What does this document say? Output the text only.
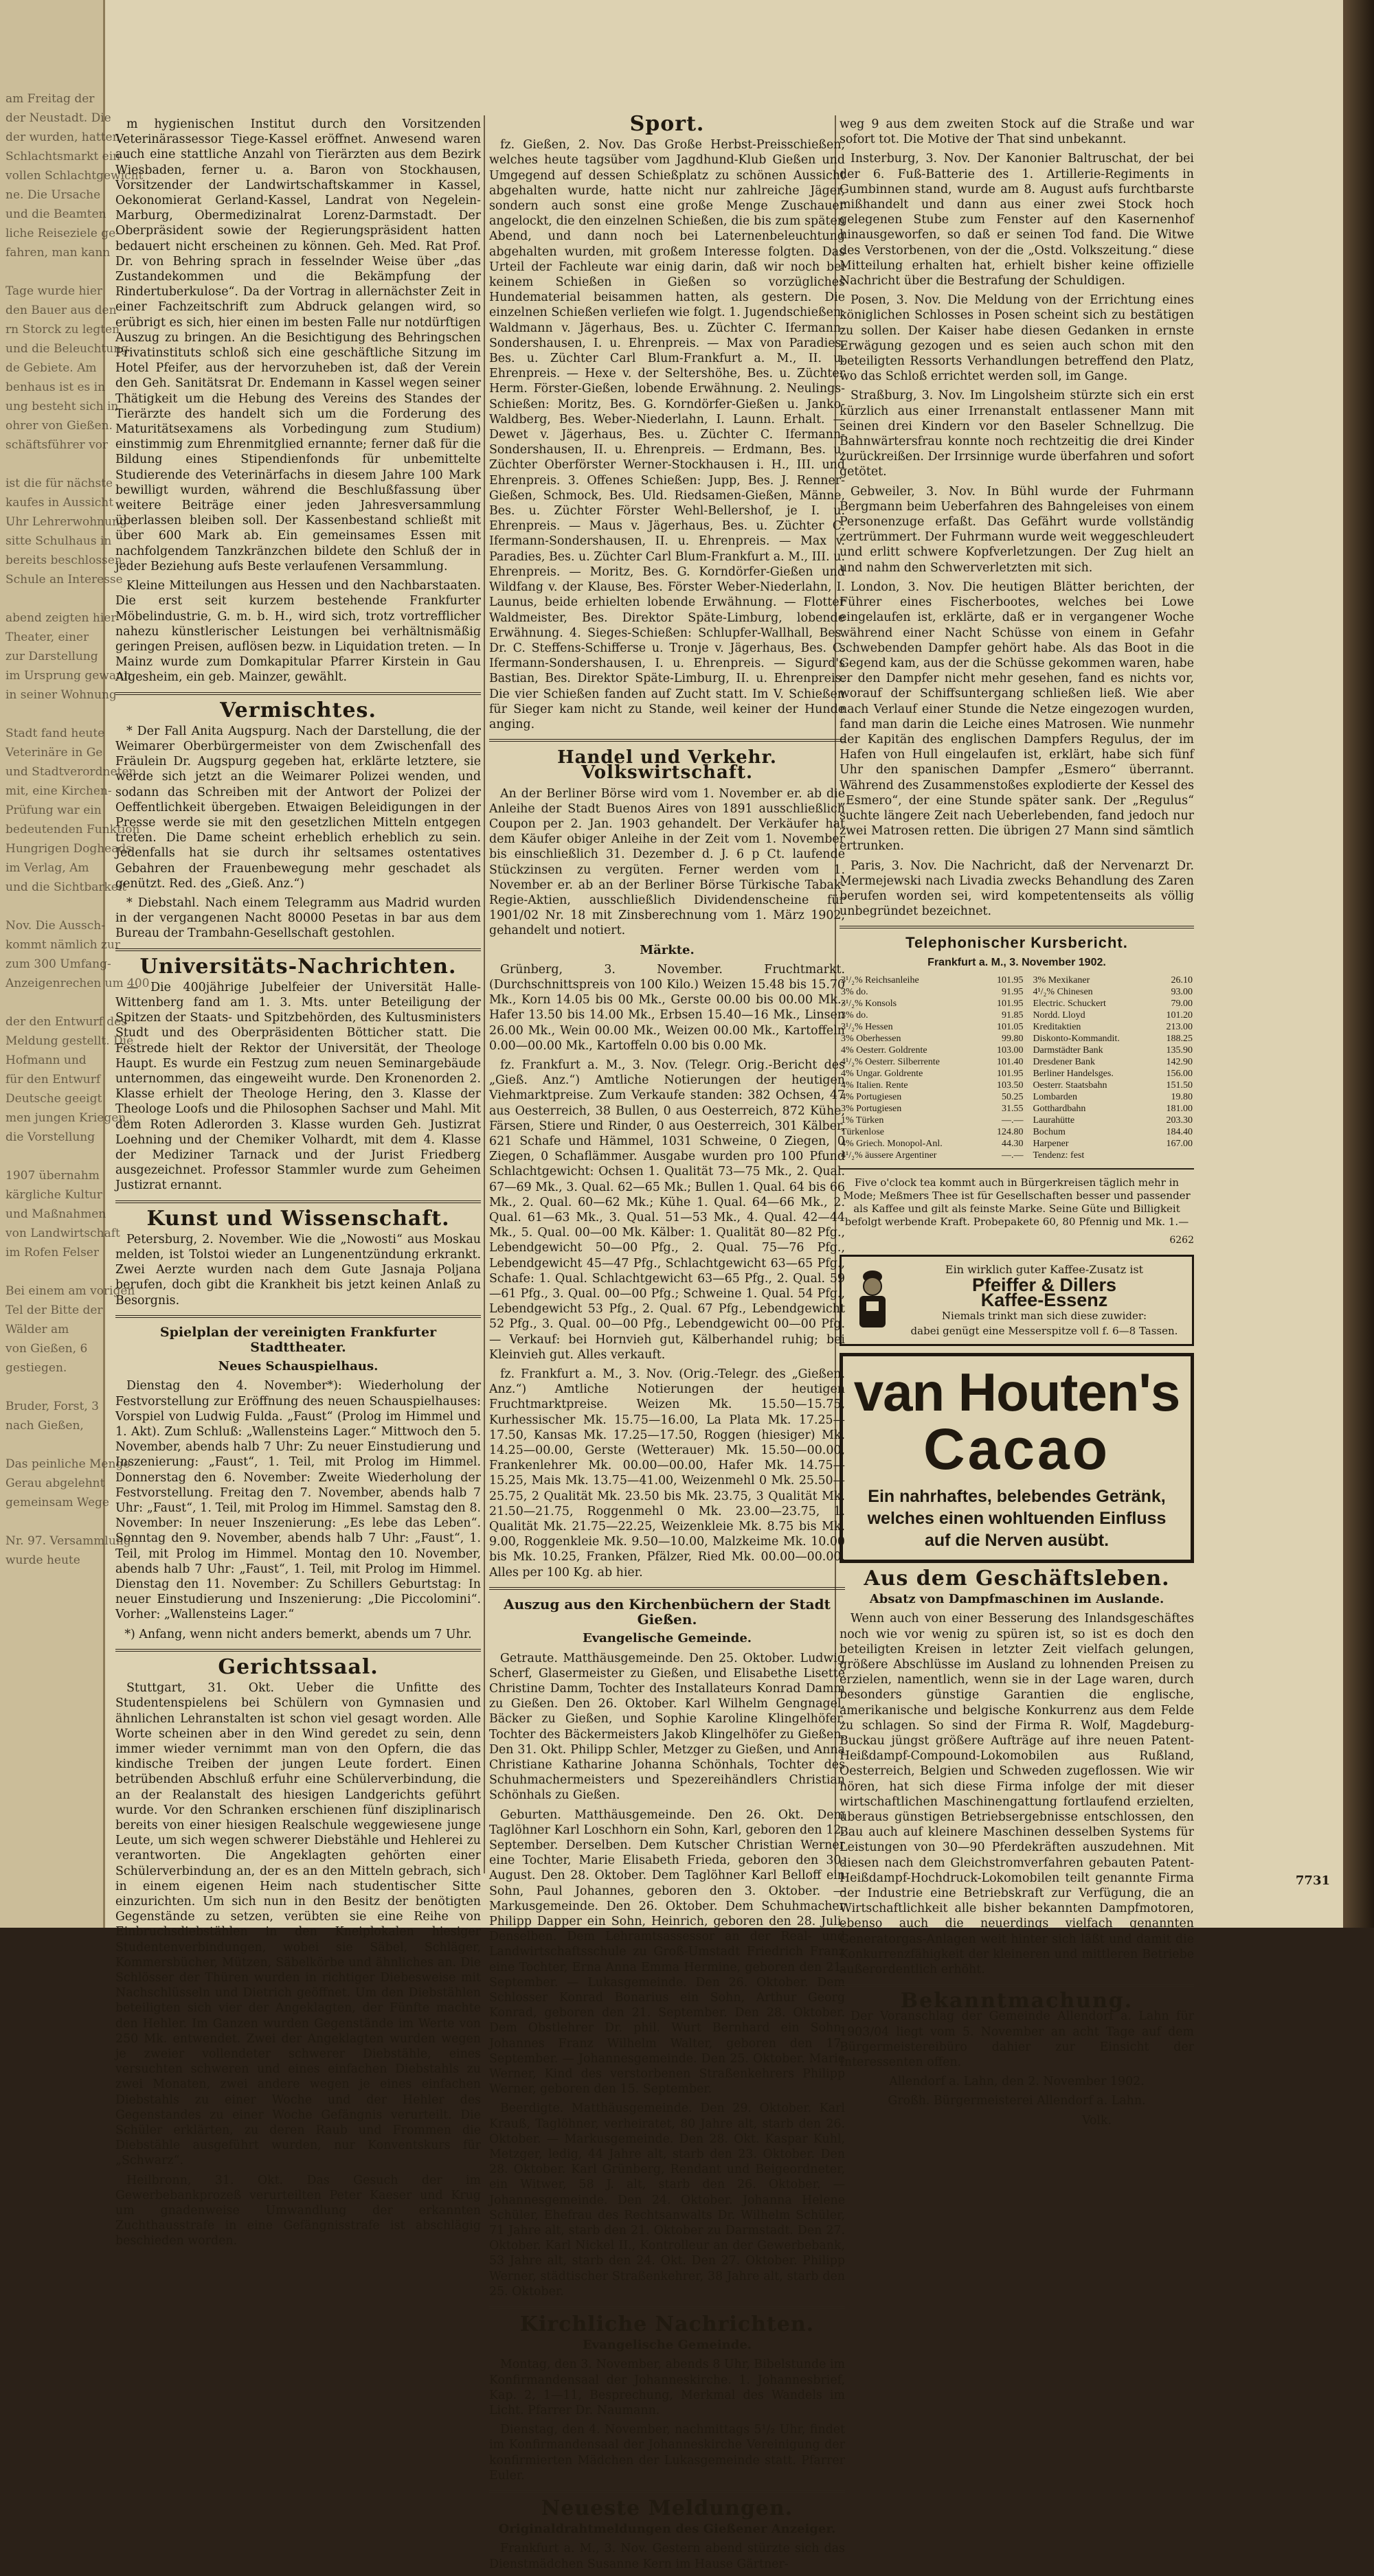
am Freitag der
der Neustadt. Die
der wurden, hatten
Schlachtsmarkt ein
vollen Schlachtgewicht
ne. Die Ursache
und die Beamten
liche Reiseziele ge-
fahren, man kann

Tage wurde hier
den Bauer aus den
rn Storck zu legten
und die Beleuchtung
de Gebiete. Am
benhaus ist es in
ung besteht sich in
ohrer von Gießen.
schäftsführer vor

ist die für nächste
kaufes in Aussicht
Uhr Lehrerwohnung
sitte Schulhaus in
bereits beschlossen.
Schule an Interesse

abend zeigten hier
Theater, einer
zur Darstellung
im Ursprung gewann
in seiner Wohnung

Stadt fand heute
Veterinäre in Ge
und Stadtverordneten
mit, eine Kirchen-
Prüfung war ein
bedeutenden Funktion
Hungrigen Dogheads
im Verlag, Am
und die Sichtbarkeit

Nov. Die Aussch-
kommt nämlich zur
zum 300 Umfang-
Anzeigenrechen um 400

der den Entwurf des
Meldung gestellt. Die
Hofmann und
für den Entwurf
Deutsche geeigt
men jungen Kriegen,
die Vorstellung

1907 übernahm
kärgliche Kultur
und Maßnahmen
von Landwirtschaft
im Rofen Felser

Bei einem am vorigen
Tel der Bitte der
Wälder am
von Gießen, 6
gestiegen.

Bruder, Forst, 3
nach Gießen,

Das peinliche Menge
Gerau abgelehnt
gemeinsam Wege

Nr. 97. Versammlung
wurde heute

m hygienischen Institut durch den Vorsitzenden Veterinärassessor Tiege-Kassel eröffnet. Anwesend waren auch eine stattliche Anzahl von Tierärzten aus dem Bezirk Wiesbaden, ferner u. a. Baron von Stockhausen, Vorsitzender der Landwirtschaftskammer in Kassel, Oekonomierat Gerland-Kassel, Landrat von Negelein-Marburg, Obermedizinalrat Lorenz-Darmstadt. Der Oberpräsident sowie der Regierungspräsident hatten bedauert nicht erscheinen zu können. Geh. Med. Rat Prof. Dr. von Behring sprach in fesselnder Weise über „das Zustandekommen und die Bekämpfung der Rindertuberkulose“. Da der Vortrag in allernächster Zeit in einer Fachzeitschrift zum Abdruck gelangen wird, so erübrigt es sich, hier einen im besten Falle nur notdürftigen Auszug zu bringen. An die Besichtigung des Behringschen Privatinstituts schloß sich eine geschäftliche Sitzung im Hotel Pfeifer, aus der hervorzuheben ist, daß der Verein den Geh. Sanitätsrat Dr. Endemann in Kassel wegen seiner Thätigkeit um die Hebung des Vereins des Standes der Tierärzte des handelt sich um die Forderung des Maturitätsexamens als Vorbedingung zum Studium) einstimmig zum Ehrenmitglied ernannte; ferner daß für die Bildung eines Stipendienfonds für unbemittelte Studierende des Veterinärfachs in diesem Jahre 100 Mark bewilligt wurden, während die Beschlußfassung über weitere Beiträge einer jeden Jahresversammlung überlassen bleiben soll. Der Kassenbestand schließt mit über 600 Mark ab. Ein gemeinsames Essen mit nachfolgendem Tanzkränzchen bildete den Schluß der in jeder Beziehung aufs Beste verlaufenen Versammlung.

Kleine Mitteilungen aus Hessen und den Nachbarstaaten. Die erst seit kurzem bestehende Frankfurter Möbelindustrie, G. m. b. H., wird sich, trotz vortrefflicher nahezu künstlerischer Leistungen bei verhältnismäßig geringen Preisen, auflösen bezw. in Liquidation treten. — In Mainz wurde zum Domkapitular Pfarrer Kirstein in Gau Algesheim, ein geb. Mainzer, gewählt.

Vermischtes.

* Der Fall Anita Augspurg. Nach der Darstellung, die der Weimarer Oberbürgermeister von dem Zwischenfall des Fräulein Dr. Augspurg gegeben hat, erklärte letztere, sie werde sich jetzt an die Weimarer Polizei wenden, und sodann das Schreiben mit der Antwort der Polizei der Oeffentlichkeit übergeben. Etwaigen Beleidigungen in der Presse werde sie mit den gesetzlichen Mitteln entgegen treten. Die Dame scheint erheblich erheblich zu sein. Jedenfalls hat sie durch ihr seltsames ostentatives Gebahren der Frauenbewegung mehr geschadet als genützt. Red. des „Gieß. Anz.“)

* Diebstahl. Nach einem Telegramm aus Madrid wurden in der vergangenen Nacht 80000 Pesetas in bar aus dem Bureau der Trambahn-Gesellschaft gestohlen.

Universitäts-Nachrichten.

— Die 400jährige Jubelfeier der Universität Halle-Wittenberg fand am 1. 3. Mts. unter Beteiligung der Spitzen der Staats- und Spitzbehörden, des Kultusministers Studt und des Oberpräsidenten Bötticher statt. Die Festrede hielt der Rektor der Universität, der Theologe Haupt. Es wurde ein Festzug zum neuen Seminargebäude unternommen, das eingeweiht wurde. Den Kronenorden 2. Klasse erhielt der Theologe Hering, den 3. Klasse der Theologe Loofs und die Philosophen Sachser und Mahl. Mit dem Roten Adlerorden 3. Klasse wurden Geh. Justizrat Loehning und der Chemiker Volhardt, mit dem 4. Klasse der Mediziner Tarnack und der Jurist Friedberg ausgezeichnet. Professor Stammler wurde zum Geheimen Justizrat ernannt.

Kunst und Wissenschaft.

Petersburg, 2. November. Wie die „Nowosti“ aus Moskau melden, ist Tolstoi wieder an Lungenentzündung erkrankt. Zwei Aerzte wurden nach dem Gute Jasnaja Poljana berufen, doch gibt die Krankheit bis jetzt keinen Anlaß zu Besorgnis.

Spielplan der vereinigten Frankfurter Stadttheater.
Neues Schauspielhaus.

Dienstag den 4. November*): Wiederholung der Festvorstellung zur Eröffnung des neuen Schauspielhauses: Vorspiel von Ludwig Fulda. „Faust“ (Prolog im Himmel und 1. Akt). Zum Schluß: „Wallensteins Lager.“ Mittwoch den 5. November, abends halb 7 Uhr: Zu neuer Einstudierung und Inszenierung: „Faust“, 1. Teil, mit Prolog im Himmel. Donnerstag den 6. November: Zweite Wiederholung der Festvorstellung. Freitag den 7. November, abends halb 7 Uhr: „Faust“, 1. Teil, mit Prolog im Himmel. Samstag den 8. November: In neuer Inszenierung: „Es lebe das Leben“. Sonntag den 9. November, abends halb 7 Uhr: „Faust“, 1. Teil, mit Prolog im Himmel. Montag den 10. November, abends halb 7 Uhr: „Faust“, 1. Teil, mit Prolog im Himmel. Dienstag den 11. November: Zu Schillers Geburtstag: In neuer Einstudierung und Inszenierung: „Die Piccolomini“. Vorher: „Wallensteins Lager.“

*) Anfang, wenn nicht anders bemerkt, abends um 7 Uhr.

Gerichtssaal.

Stuttgart, 31. Okt. Ueber die Unfitte des Studentenspielens bei Schülern von Gymnasien und ähnlichen Lehranstalten ist schon viel gesagt worden. Alle Worte scheinen aber in den Wind geredet zu sein, denn immer wieder vernimmt man von den Opfern, die das kindische Treiben der jungen Leute fordert. Einen betrübenden Abschluß erfuhr eine Schülerverbindung, die an der Realanstalt des hiesigen Landgerichts geführt wurde. Vor den Schranken erschienen fünf disziplinarisch bereits von einer hiesigen Realschule weggewiesene junge Leute, um sich wegen schwerer Diebstähle und Hehlerei zu verantworten. Die Angeklagten gehörten einer Schülerverbindung an, der es an den Mitteln gebrach, sich in einem eigenen Heim nach studentischer Sitte einzurichten. Um sich nun in den Besitz der benötigten Gegenstände zu setzen, verübten sie eine Reihe von Einbruchsdiebstählen in den Kneiplokalen hiesiger Studentenverbindungen, wobei sie Säbel, Schläger, Kommersbücher, Mützen, Säbelkörbe und ähnliches an. Die Schlösser der Thüren wurden in richtiger Diebesweise mit Nachschlüsseln und Dietrich geöffnet. Um den Diebstählen beteiligten sich vier der Angeklagten, der Fünfte machte den Hehler. Im Ganzen wurden Gegenstände im Werte von 250 Mk. entwendet. Zwei der Angeklagten wurden wegen je zweier vollendeter schwerer Diebstähle, eines versuchten schweren und eines einfachen Diebstahls zu zwei Monaten, zwei andere wegen je eines einfachen Diebstahls zu einer Woche und der Hehler des Gegenstandes zu einer Woche Gefängnis verurteilt. Die Schüler erklärten, zu deren Raub und Frommen die Diebstähle ausgeführt wurden, nur Konventskurs für „Schwarz“.

Heilbronn, 31. Okt. Das Gesuch der im Gewerbebankprozeß verurteilten Peter Kaeser und Krug um gnadenweise Umwandlung der erkannten Zuchthausstrafe in eine Gefängnisstrafe ist abschlägig beschieden worden.

Sport.

fz. Gießen, 2. Nov. Das Große Herbst-Preisschießen, welches heute tagsüber vom Jagdhund-Klub Gießen und Umgegend auf dessen Schießplatz zu schönen Aussicht abgehalten wurde, hatte nicht nur zahlreiche Jäger, sondern auch sonst eine große Menge Zuschauer angelockt, die den einzelnen Schießen, die bis zum späten Abend, und dann noch bei Laternenbeleuchtung abgehalten wurden, mit großem Interesse folgten. Das Urteil der Fachleute war einig darin, daß wir noch bei keinem Schießen in Gießen so vorzügliches Hundematerial beisammen hatten, als gestern. Die einzelnen Schießen verliefen wie folgt. 1. Jugendschießen: Waldmann v. Jägerhaus, Bes. u. Züchter C. Ifermann-Sondershausen, I. u. Ehrenpreis. — Max von Paradies, Bes. u. Züchter Carl Blum-Frankfurt a. M., II. u. Ehrenpreis. — Hexe v. der Seltershöhe, Bes. u. Züchter Herm. Förster-Gießen, lobende Erwähnung. 2. Neulings-Schießen: Moritz, Bes. G. Korndörfer-Gießen u. Janko-Waldberg, Bes. Weber-Niederlahn, I. Launn. Erhalt. — Dewet v. Jägerhaus, Bes. u. Züchter C. Ifermann-Sondershausen, II. u. Ehrenpreis. — Erdmann, Bes. u. Züchter Oberförster Werner-Stockhausen i. H., III. und Ehrenpreis. 3. Offenes Schießen: Jupp, Bes. J. Renner-Gießen, Schmock, Bes. Uld. Riedsamen-Gießen, Männe, Bes. u. Züchter Förster Wehl-Bellershof, je I. u. Ehrenpreis. — Maus v. Jägerhaus, Bes. u. Züchter C. Ifermann-Sondershausen, II. u. Ehrenpreis. — Max v. Paradies, Bes. u. Züchter Carl Blum-Frankfurt a. M., III. u. Ehrenpreis. — Moritz, Bes. G. Korndörfer-Gießen und Wildfang v. der Klause, Bes. Förster Weber-Niederlahn, I. Launus, beide erhielten lobende Erwähnung. — Flotter Waldmeister, Bes. Direktor Späte-Limburg, lobende Erwähnung. 4. Sieges-Schießen: Schlupfer-Wallhall, Bes. Dr. C. Steffens-Schifferse u. Tronje v. Jägerhaus, Bes. C. Ifermann-Sondershausen, I. u. Ehrenpreis. — Sigurd's Bastian, Bes. Direktor Späte-Limburg, II. u. Ehrenpreis. Die vier Schießen fanden auf Zucht statt. Im V. Schießen für Sieger kam nicht zu Stande, weil keiner der Hunde anging.

Handel und Verkehr. Volkswirtschaft.

An der Berliner Börse wird vom 1. November er. ab die Anleihe der Stadt Buenos Aires von 1891 ausschließlich Coupon per 2. Jan. 1903 gehandelt. Der Verkäufer hat dem Käufer obiger Anleihe in der Zeit vom 1. November bis einschließlich 31. Dezember d. J. 6 p Ct. laufende Stückzinsen zu vergüten. Ferner werden vom 1. November er. ab an der Berliner Börse Türkische Tabak-Regie-Aktien, ausschließlich Dividendenscheine für 1901/02 Nr. 18 mit Zinsberechnung vom 1. März 1902, gehandelt und notiert.

Märkte.

Grünberg, 3. November. Fruchtmarkt. (Durchschnittspreis von 100 Kilo.) Weizen 15.48 bis 15.70 Mk., Korn 14.05 bis 00 Mk., Gerste 00.00 bis 00.00 Mk., Hafer 13.50 bis 14.00 Mk., Erbsen 15.40—16 Mk., Linsen 26.00 Mk., Wein 00.00 Mk., Weizen 00.00 Mk., Kartoffeln 0.00—00.00 Mk., Kartoffeln 0.00 bis 0.00 Mk.

fz. Frankfurt a. M., 3. Nov. (Telegr. Orig.-Bericht des „Gieß. Anz.“) Amtliche Notierungen der heutigen Viehmarktpreise. Zum Verkaufe standen: 382 Ochsen, 47 aus Oesterreich, 38 Bullen, 0 aus Oesterreich, 872 Kühe, Färsen, Stiere und Rinder, 0 aus Oesterreich, 301 Kälber, 621 Schafe und Hämmel, 1031 Schweine, 0 Ziegen, 0 Ziegen, 0 Schaflämmer. Ausgabe wurden pro 100 Pfund Schlachtgewicht: Ochsen 1. Qualität 73—75 Mk., 2. Qual. 67—69 Mk., 3. Qual. 62—65 Mk.; Bullen 1. Qual. 64 bis 66 Mk., 2. Qual. 60—62 Mk.; Kühe 1. Qual. 64—66 Mk., 2. Qual. 61—63 Mk., 3. Qual. 51—53 Mk., 4. Qual. 42—44 Mk., 5. Qual. 00—00 Mk. Kälber: 1. Qualität 80—82 Pfg., Lebendgewicht 50—00 Pfg., 2. Qual. 75—76 Pfg., Lebendgewicht 45—47 Pfg., Schlachtgewicht 63—65 Pfg., Schafe: 1. Qual. Schlachtgewicht 63—65 Pfg., 2. Qual. 59—61 Pfg., 3. Qual. 00—00 Pfg.; Schweine 1. Qual. 54 Pfg., Lebendgewicht 53 Pfg., 2. Qual. 67 Pfg., Lebendgewicht 52 Pfg., 3. Qual. 00—00 Pfg., Lebendgewicht 00—00 Pfg. — Verkauf: bei Hornvieh gut, Kälberhandel ruhig; bei Kleinvieh gut. Alles verkauft.

fz. Frankfurt a. M., 3. Nov. (Orig.-Telegr. des „Gießen. Anz.“) Amtliche Notierungen der heutigen Fruchtmarktpreise. Weizen Mk. 15.50—15.75, Kurhessischer Mk. 15.75—16.00, La Plata Mk. 17.25—17.50, Kansas Mk. 17.25—17.50, Roggen (hiesiger) Mk. 14.25—00.00, Gerste (Wetterauer) Mk. 15.50—00.00, Frankenlehrer Mk. 00.00—00.00, Hafer Mk. 14.75—15.25, Mais Mk. 13.75—41.00, Weizenmehl 0 Mk. 25.50—25.75, 2 Qualität Mk. 23.50 bis Mk. 23.75, 3 Qualität Mk. 21.50—21.75, Roggenmehl 0 Mk. 23.00—23.75, 1. Qualität Mk. 21.75—22.25, Weizenkleie Mk. 8.75 bis Mk. 9.00, Roggenkleie Mk. 9.50—10.00, Malzkeime Mk. 10.00 bis Mk. 10.25, Franken, Pfälzer, Ried Mk. 00.00—00.00. Alles per 100 Kg. ab hier.

Auszug aus den Kirchenbüchern der Stadt Gießen.
Evangelische Gemeinde.

Getraute. Matthäusgemeinde. Den 25. Oktober. Ludwig Scherf, Glasermeister zu Gießen, und Elisabethe Lisette Christine Damm, Tochter des Installateurs Konrad Damm zu Gießen. Den 26. Oktober. Karl Wilhelm Gengnagel, Bäcker zu Gießen, und Sophie Karoline Klingelhöfer, Tochter des Bäckermeisters Jakob Klingelhöfer zu Gießen. Den 31. Okt. Philipp Schler, Metzger zu Gießen, und Anna Christiane Katharine Johanna Schönhals, Tochter des Schuhmachermeisters und Spezereihändlers Christian Schönhals zu Gießen.

Geburten. Matthäusgemeinde. Den 26. Okt. Dem Taglöhner Karl Loschhorn ein Sohn, Karl, geboren den 12. September. Derselben. Dem Kutscher Christian Werner eine Tochter, Marie Elisabeth Frieda, geboren den 30. August. Den 28. Oktober. Dem Taglöhner Karl Belloff ein Sohn, Paul Johannes, geboren den 3. Oktober. — Markusgemeinde. Den 26. Oktober. Dem Schuhmacher Philipp Dapper ein Sohn, Heinrich, geboren den 28. Juli. Denselben. Dem Lehramtsassessor an der Real- und Landwirtschaftsschule zu Groß-Umstadt Friedrich Franz eine Tochter, Erna Anna Emma Hermine, geboren den 21. September. — Lukasgemeinde. Den 26. Oktober. Dem Schlosser Konrad Bonarius ein Sohn, Arthur Georg Konrad, geboren den 21. September. Den 28. Oktober. Dem Obstlehrer Dr. phil. Wurt Bernhard ein Sohn, Johannes Franz Wilhelm Walter, geboren den 17. September. — Johannesgemeinde. Den 25. Oktober. Marie Werner, Kind des verstorbenen Straßenkehrers Philipp Werner, geboren den 15. September.

Beerdigte. Matthäusgemeinde. Den 29. Oktober. Karl Krauß, Taglöhner, verheiratet, 80 Jahre alt, starb den 26. Oktober. — Markusgemeinde. Den 28. Okt. Kaspar Kuhl, Metzger, ledig, 44 Jahre alt, starb den 23. Oktober. Den 28. Oktober. Karl Grünberg, Rendant und Beigeordneter, ein Witwer, 58 J. alt, starb den 26. Oktober. — Johannesgemeinde. Den 24. Oktober. Johanna Helene Schüler, Ehefrau des Rechtsanwalts Dr. Wilhelm Schüler, 71 Jahre alt, starb den 21. Oktober zu Darmstadt. Den 27. Oktober. Karl Nickel II., Kontrolleur an der Gewerbebank, 53 Jahre alt, starb den 24. Okt. Den 27. Oktober. Philipp Werner, städtischer Straßenkehrer, 38 Jahre alt, starb den 25. Oktober.

Kirchliche Nachrichten.
Evangelische Gemeinde.

Montag, den 3. November, abends 8 Uhr, Bibelstunde im Konfirmandensaal der Johanneskirche. 1. Johannesbrief, Kap. 2, 1—11, Besprechung, Merkmal des Wandels im Licht. Pfarrer Dr. Naumann.

Dienstag, den 4. November, nachmittags 5¹/₂ Uhr, findet im Konfirmandensaal der Johanneskirche Vereinigung der konfirmierten Mädchen der Lukasgemeinde statt. Pfarrer Euler.

Neueste Meldungen.
Originaldrahtmeldungen des Gießener Anzeiger.

Frankfurt a. M., 3. Nov. Gestern abend stürzte sich das Dienstmädchen Susanne Kern im Hause Gärtner-

weg 9 aus dem zweiten Stock auf die Straße und war sofort tot. Die Motive der That sind unbekannt.

Insterburg, 3. Nov. Der Kanonier Baltruschat, der bei der 6. Fuß-Batterie des 1. Artillerie-Regiments in Gumbinnen stand, wurde am 8. August aufs furchtbarste mißhandelt und dann aus einer zwei Stock hoch gelegenen Stube zum Fenster auf den Kasernenhof hinausgeworfen, so daß er seinen Tod fand. Die Witwe des Verstorbenen, von der die „Ostd. Volkszeitung.“ diese Mitteilung erhalten hat, erhielt bisher keine offizielle Nachricht über die Bestrafung der Schuldigen.

Posen, 3. Nov. Die Meldung von der Errichtung eines königlichen Schlosses in Posen scheint sich zu bestätigen zu sollen. Der Kaiser habe diesen Gedanken in ernste Erwägung gezogen und es seien auch schon mit den beteiligten Ressorts Verhandlungen betreffend den Platz, wo das Schloß errichtet werden soll, im Gange.

Straßburg, 3. Nov. Im Lingolsheim stürzte sich ein erst kürzlich aus einer Irrenanstalt entlassener Mann mit seinen drei Kindern vor den Baseler Schnellzug. Die Bahnwärtersfrau konnte noch rechtzeitig die drei Kinder zurückreißen. Der Irrsinnige wurde überfahren und sofort getötet.

Gebweiler, 3. Nov. In Bühl wurde der Fuhrmann Bergmann beim Ueberfahren des Bahngeleises von einem Personenzuge erfaßt. Das Gefährt wurde vollständig zertrümmert. Der Fuhrmann wurde weit weggeschleudert und erlitt schwere Kopfverletzungen. Der Zug hielt an und nahm den Schwerverletzten mit sich.

London, 3. Nov. Die heutigen Blätter berichten, der Führer eines Fischerbootes, welches bei Lowe eingelaufen ist, erklärte, daß er in vergangener Woche während einer Nacht Schüsse von einem in Gefahr schwebenden Dampfer gehört habe. Als das Boot in die Gegend kam, aus der die Schüsse gekommen waren, habe er den Dampfer nicht mehr gesehen, fand es nichts vor, worauf der Schiffsuntergang schließen ließ. Wie aber nach Verlauf einer Stunde die Netze eingezogen wurden, fand man darin die Leiche eines Matrosen. Wie nunmehr der Kapitän des englischen Dampfers Regulus, der im Hafen von Hull eingelaufen ist, erklärt, habe sich fünf Uhr den spanischen Dampfer „Esmero“ überrannt. Während des Zusammenstoßes explodierte der Kessel des „Esmero“, der eine Stunde später sank. Der „Regulus“ suchte längere Zeit nach Ueberlebenden, fand jedoch nur zwei Matrosen retten. Die übrigen 27 Mann sind sämtlich ertrunken.

Paris, 3. Nov. Die Nachricht, daß der Nervenarzt Dr. Mermejewski nach Livadia zwecks Behandlung des Zaren berufen worden sei, wird kompetentenseits als völlig unbegründet bezeichnet.

Telephonischer Kursbericht.
Frankfurt a. M., 3. November 1902.
3¹/₂% Reichsanleihe	101.95	3% Mexikaner	26.10
3% do.	91.95	4¹/₂% Chinesen	93.00
3¹/₂% Konsols	101.95	Electric. Schuckert	79.00
3% do.	91.85	Nordd. Lloyd	101.20
3¹/₂% Hessen	101.05	Kreditaktien	213.00
3% Oberhessen	99.80	Diskonto-Kommandit.	188.25
4% Oesterr. Goldrente	103.00	Darmstädter Bank	135.90
4¹/₂% Oesterr. Silberrente	101.40	Dresdener Bank	142.90
4% Ungar. Goldrente	101.95	Berliner Handelsges.	156.00
4% Italien. Rente	103.50	Oesterr. Staatsbahn	151.50
4% Portugiesen	50.25	Lombarden	19.80
3% Portugiesen	31.55	Gotthardbahn	181.00
1% Türken	—.—	Laurahütte	203.30
Türkenlose	124.80	Bochum	184.40
4% Griech. Monopol-Anl.	44.30	Harpener	167.00
4¹/₂% äussere Argentiner	—.—	Tendenz: fest	

Five o'clock tea kommt auch in Bürgerkreisen täglich mehr in Mode; Meßmers Thee ist für Gesellschaften besser und passender als Kaffee und gilt als feinste Marke. Seine Güte und Billigkeit befolgt werbende Kraft. Probepakete 60, 80 Pfennig und Mk. 1.—

6262

Ein wirklich guter Kaffee-Zusatz ist
Pfeiffer & Dillers
Kaffee-Essenz
Niemals trinkt man sich diese zuwider:
dabei genügt eine Messerspitze voll f. 6—8 Tassen.
van Houten's
Cacao
Ein nahrhaftes, belebendes Getränk,
welches einen wohltuenden Einfluss
auf die Nerven ausübt.
Aus dem Geschäftsleben.
Absatz von Dampfmaschinen im Auslande.

Wenn auch von einer Besserung des Inlandsgeschäftes noch wie vor wenig zu spüren ist, so ist es doch den beteiligten Kreisen in letzter Zeit vielfach gelungen, größere Abschlüsse im Ausland zu lohnenden Preisen zu erzielen, namentlich, wenn sie in der Lage waren, durch besonders günstige Garantien die englische, amerikanische und belgische Konkurrenz aus dem Felde zu schlagen. So sind der Firma R. Wolf, Magdeburg-Buckau jüngst größere Aufträge auf ihre neuen Patent-Heißdampf-Compound-Lokomobilen aus Rußland, Oesterreich, Belgien und Schweden zugeflossen. Wie wir hören, hat sich diese Firma infolge der mit dieser wirtschaftlichen Maschinengattung fortlaufend erzielten, überaus günstigen Betriebsergebnisse entschlossen, den Bau auch auf kleinere Maschinen desselben Systems für Leistungen von 30—90 Pferdekräften auszudehnen. Mit diesen nach dem Gleichstromverfahren gebauten Patent-Heißdampf-Hochdruck-Lokomobilen teilt genannte Firma der Industrie eine Betriebskraft zur Verfügung, die an Wirtschaftlichkeit alle bisher bekannten Dampfmotoren, ebenso auch die neuerdings vielfach genannten Generatorgas-Anlagen weit hinter sich läßt und damit die Konkurrenzfähigkeit der kleineren und mittleren Betriebe außerordentlich erhöht.

Bekanntmachung.

Der Voranschlag der Gemeinde Allendorf a. Lahn für 1903/04 liegt vom 5. November an acht Tage auf dem Bürgermeistereibüro dahier zur Einsicht der Interessenten offen.

Allendorf a. Lahn, den 2. November 1902.

Großh. Bürgermeisterei Allendorf a. Lahn.

Volk.

7731
